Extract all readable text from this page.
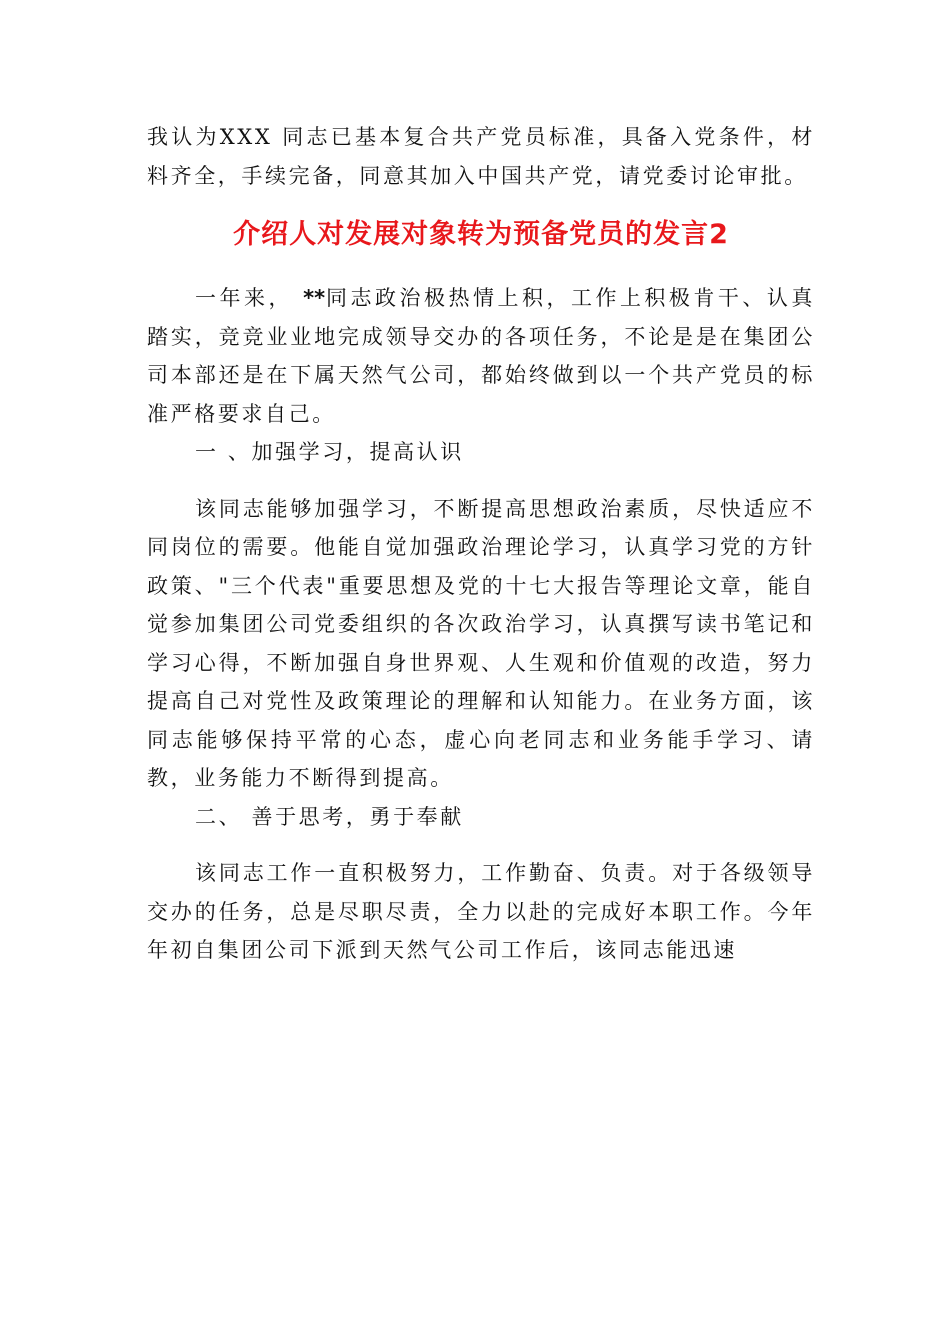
我认为XXX 同志已基本复合共产党员标准，具备入党条件，材料齐全，手续完备，同意其加入中国共产党，请党委讨论审批。

介绍人对发展对象转为预备党员的发言2

一年来， **同志政治极热情上积，工作上积极肯干、认真踏实，竞竞业业地完成领导交办的各项任务，不论是是在集团公司本部还是在下属天然气公司，都始终做到以一个共产党员的标准严格要求自己。

一 、加强学习，提高认识

该同志能够加强学习，不断提高思想政治素质，尽快适应不同岗位的需要。他能自觉加强政治理论学习，认真学习党的方针政策、"三个代表"重要思想及党的十七大报告等理论文章，能自觉参加集团公司党委组织的各次政治学习，认真撰写读书笔记和学习心得，不断加强自身世界观、人生观和价值观的改造，努力提高自己对党性及政策理论的理解和认知能力。在业务方面，该同志能够保持平常的心态，虚心向老同志和业务能手学习、请教，业务能力不断得到提高。

二、 善于思考，勇于奉献

该同志工作一直积极努力，工作勤奋、负责。对于各级领导交办的任务，总是尽职尽责，全力以赴的完成好本职工作。今年年初自集团公司下派到天然气公司工作后，该同志能迅速
